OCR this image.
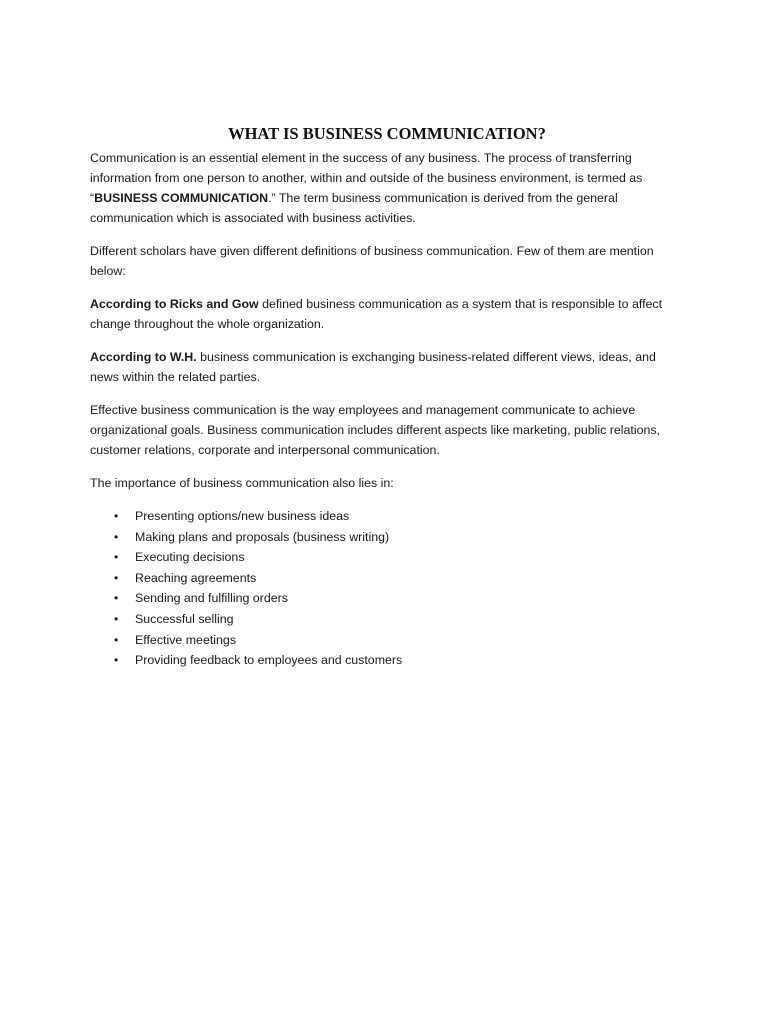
WHAT IS BUSINESS COMMUNICATION?

Communication is an essential element in the success of any business. The process of transferring information from one person to another, within and outside of the business environment, is termed as “BUSINESS COMMUNICATION.” The term business communication is derived from the general communication which is associated with business activities.

Different scholars have given different definitions of business communication. Few of them are mention below:

According to Ricks and Gow defined business communication as a system that is responsible to affect change throughout the whole organization.

According to W.H. business communication is exchanging business-related different views, ideas, and news within the related parties.

Effective business communication is the way employees and management communicate to achieve organizational goals. Business communication includes different aspects like marketing, public relations, customer relations, corporate and interpersonal communication.

The importance of business communication also lies in:

• Presenting options/new business ideas
• Making plans and proposals (business writing)
• Executing decisions
• Reaching agreements
• Sending and fulfilling orders
• Successful selling
• Effective meetings
• Providing feedback to employees and customers
